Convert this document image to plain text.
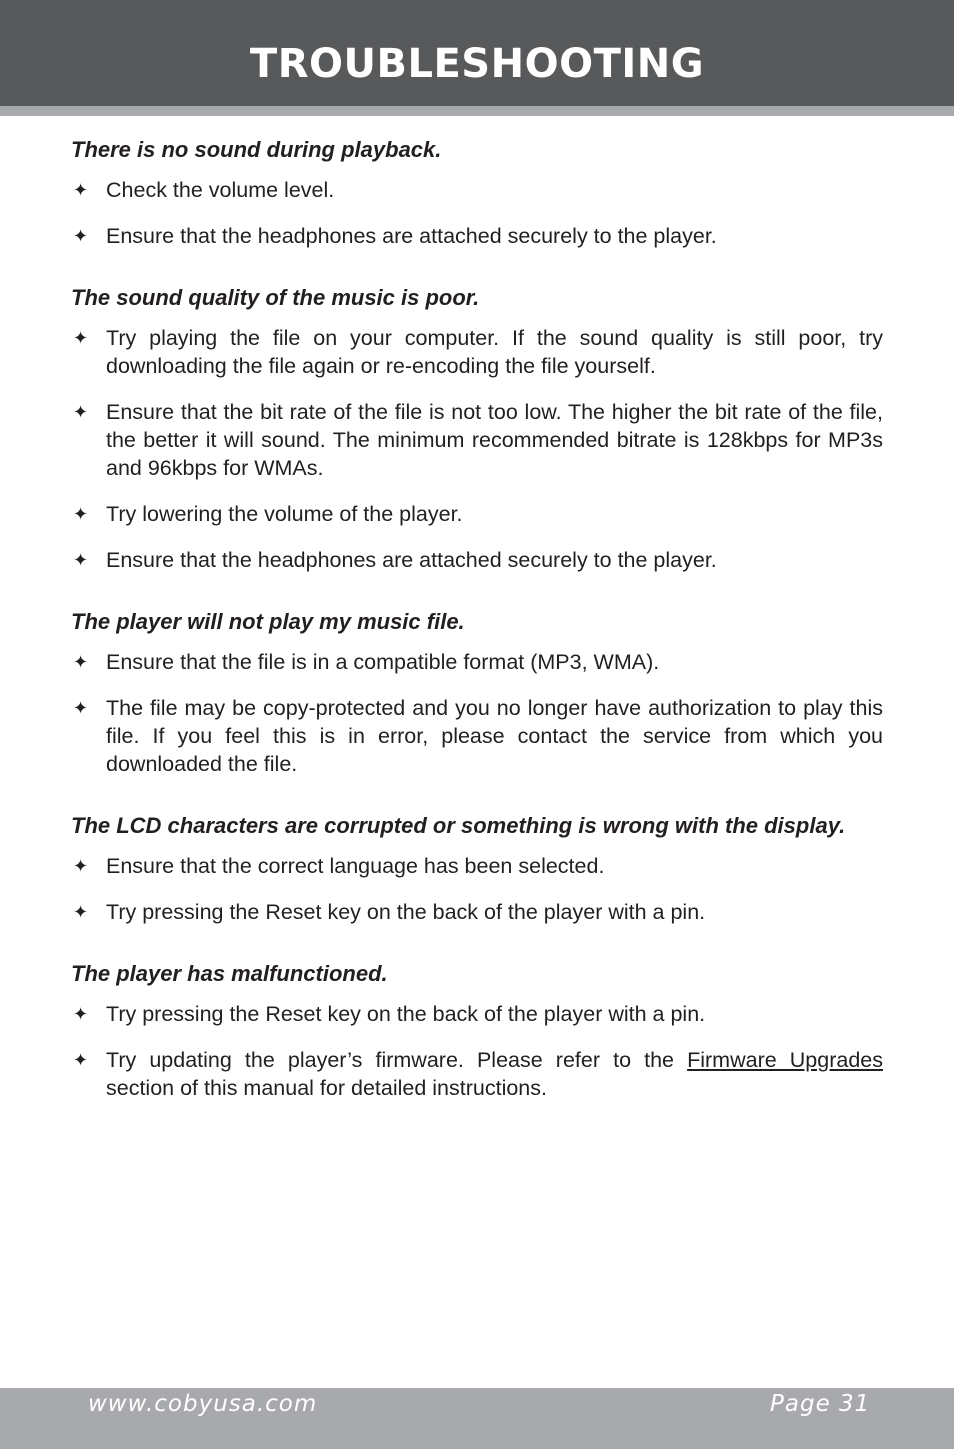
TROUBLESHOOTING

There is no sound during playback.

✦ Check the volume level.
✦ Ensure that the headphones are attached securely to the player.

The sound quality of the music is poor.

✦ Try playing the file on your computer. If the sound quality is still poor, try downloading the file again or re-encoding the file yourself.
✦ Ensure that the bit rate of the file is not too low. The higher the bit rate of the file, the better it will sound. The minimum recommended bitrate is 128kbps for MP3s and 96kbps for WMAs.
✦ Try lowering the volume of the player.
✦ Ensure that the headphones are attached securely to the player.

The player will not play my music file.

✦ Ensure that the file is in a compatible format (MP3, WMA).
✦ The file may be copy-protected and you no longer have authorization to play this file. If you feel this is in error, please contact the service from which you downloaded the file.

The LCD characters are corrupted or something is wrong with the display.

✦ Ensure that the correct language has been selected.
✦ Try pressing the Reset key on the back of the player with a pin.

The player has malfunctioned.

✦ Try pressing the Reset key on the back of the player with a pin.
✦ Try updating the player’s firmware. Please refer to the Firmware Upgrades section of this manual for detailed instructions.
www.cobyusa.com	Page 31
